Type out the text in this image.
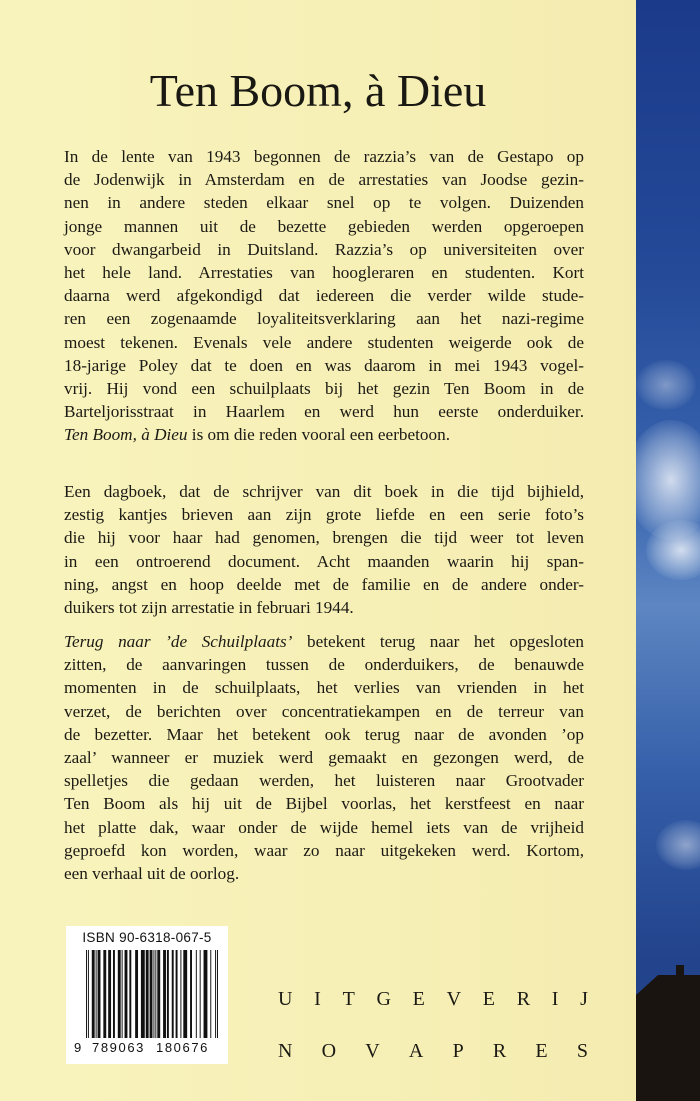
Ten Boom, à Dieu
In de lente van 1943 begonnen de razzia’s van de Gestapo op
de Jodenwijk in Amsterdam en de arrestaties van Joodse gezin-
nen in andere steden elkaar snel op te volgen. Duizenden
jonge mannen uit de bezette gebieden werden opgeroepen
voor dwangarbeid in Duitsland. Razzia’s op universiteiten over
het hele land. Arrestaties van hoogleraren en studenten. Kort
daarna werd afgekondigd dat iedereen die verder wilde stude-
ren een zogenaamde loyaliteitsverklaring aan het nazi-regime
moest tekenen. Evenals vele andere studenten weigerde ook de
18-jarige Poley dat te doen en was daarom in mei 1943 vogel-
vrij. Hij vond een schuilplaats bij het gezin Ten Boom in de
Barteljorisstraat in Haarlem en werd hun eerste onderduiker.
Ten Boom, à Dieu is om die reden vooral een eerbetoon.
Een dagboek, dat de schrijver van dit boek in die tijd bijhield,
zestig kantjes brieven aan zijn grote liefde en een serie foto’s
die hij voor haar had genomen, brengen die tijd weer tot leven
in een ontroerend document. Acht maanden waarin hij span-
ning, angst en hoop deelde met de familie en de andere onder-
duikers tot zijn arrestatie in februari 1944.
Terug naar ’de Schuilplaats’ betekent terug naar het opgesloten
zitten, de aanvaringen tussen de onderduikers, de benauwde
momenten in de schuilplaats, het verlies van vrienden in het
verzet, de berichten over concentratiekampen en de terreur van
de bezetter. Maar het betekent ook terug naar de avonden ’op
zaal’ wanneer er muziek werd gemaakt en gezongen werd, de
spelletjes die gedaan werden, het luisteren naar Grootvader
Ten Boom als hij uit de Bijbel voorlas, het kerstfeest en naar
het platte dak, waar onder de wijde hemel iets van de vrijheid
geproefd kon worden, waar zo naar uitgekeken werd. Kortom,
een verhaal uit de oorlog.
ISBN 90-6318-067-5
9 789063 180676
U I T G E V E R I J
N O V A P R E S
